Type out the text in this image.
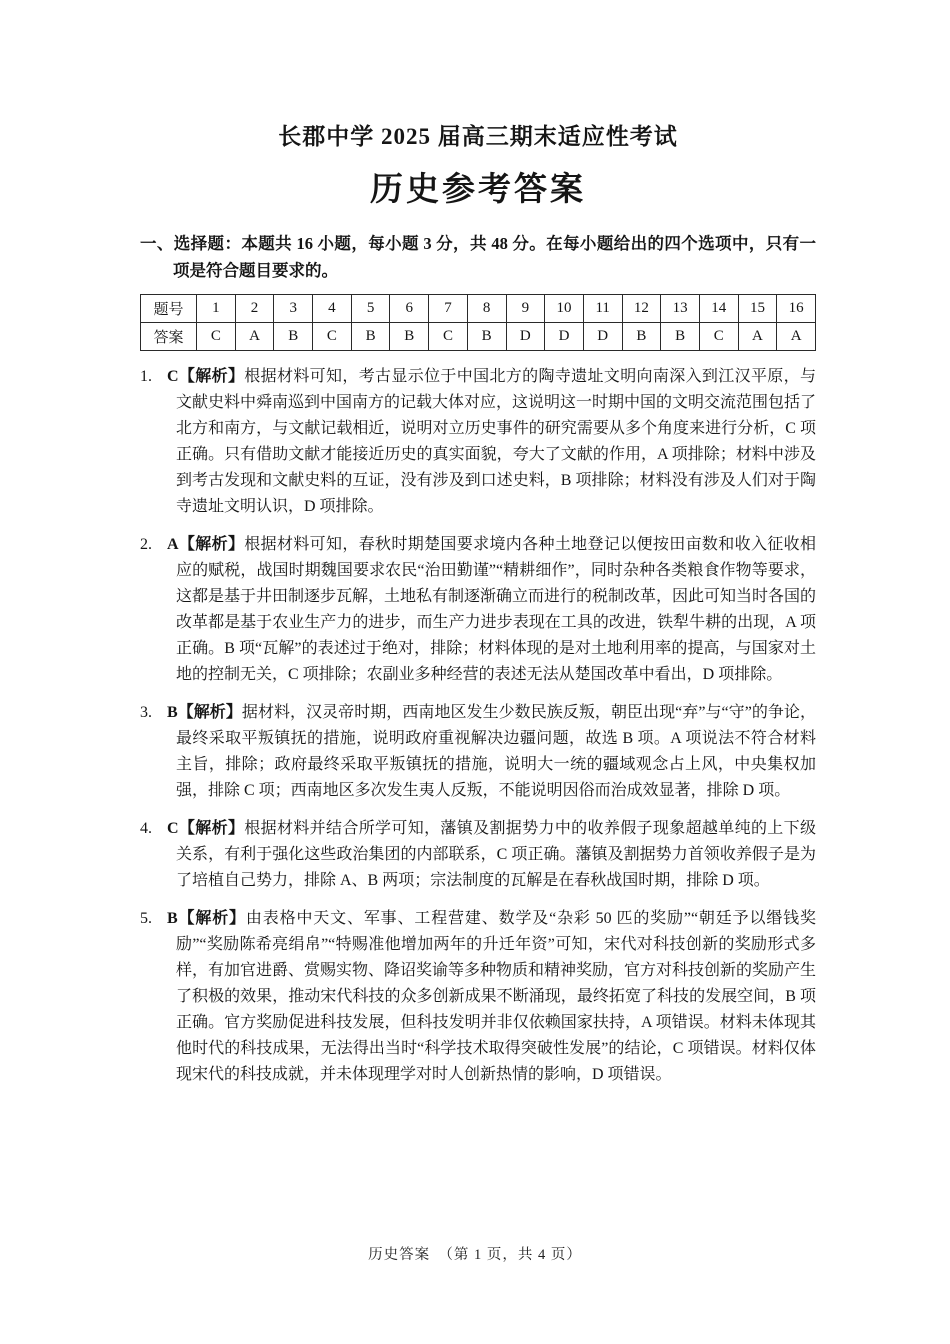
长郡中学 2025 届高三期末适应性考试
历史参考答案

一、选择题：本题共 16 小题，每小题 3 分，共 48 分。在每小题给出的四个选项中，只有一项是符合题目要求的。

题号	1	2	3	4	5	6	7	8	9	10	11	12	13	14	15	16
答案	C	A	B	C	B	B	C	B	D	D	D	B	B	C	A	A

1. C【解析】根据材料可知，考古显示位于中国北方的陶寺遗址文明向南深入到江汉平原，与文献史料中舜南巡到中国南方的记载大体对应，这说明这一时期中国的文明交流范围包括了北方和南方，与文献记载相近，说明对立历史事件的研究需要从多个角度来进行分析，C 项正确。只有借助文献才能接近历史的真实面貌，夸大了文献的作用，A 项排除；材料中涉及到考古发现和文献史料的互证，没有涉及到口述史料，B 项排除；材料没有涉及人们对于陶寺遗址文明认识，D 项排除。

2. A【解析】根据材料可知，春秋时期楚国要求境内各种土地登记以便按田亩数和收入征收相应的赋税，战国时期魏国要求农民“治田勤谨”“精耕细作”，同时杂种各类粮食作物等要求，这都是基于井田制逐步瓦解，土地私有制逐渐确立而进行的税制改革，因此可知当时各国的改革都是基于农业生产力的进步，而生产力进步表现在工具的改进，铁犁牛耕的出现，A 项正确。B 项“瓦解”的表述过于绝对，排除；材料体现的是对土地利用率的提高，与国家对土地的控制无关，C 项排除；农副业多种经营的表述无法从楚国改革中看出，D 项排除。

3. B【解析】据材料，汉灵帝时期，西南地区发生少数民族反叛，朝臣出现“弃”与“守”的争论，最终采取平叛镇抚的措施，说明政府重视解决边疆问题，故选 B 项。A 项说法不符合材料主旨，排除；政府最终采取平叛镇抚的措施，说明大一统的疆域观念占上风，中央集权加强，排除 C 项；西南地区多次发生夷人反叛，不能说明因俗而治成效显著，排除 D 项。

4. C【解析】根据材料并结合所学可知，藩镇及割据势力中的收养假子现象超越单纯的上下级关系，有利于强化这些政治集团的内部联系，C 项正确。藩镇及割据势力首领收养假子是为了培植自己势力，排除 A、B 两项；宗法制度的瓦解是在春秋战国时期，排除 D 项。

5. B【解析】由表格中天文、军事、工程营建、数学及“杂彩 50 匹的奖励”“朝廷予以缗钱奖励”“奖励陈希亮绢帛”“特赐准他增加两年的升迁年资”可知，宋代对科技创新的奖励形式多样，有加官进爵、赏赐实物、降诏奖谕等多种物质和精神奖励，官方对科技创新的奖励产生了积极的效果，推动宋代科技的众多创新成果不断涌现，最终拓宽了科技的发展空间，B 项正确。官方奖励促进科技发展，但科技发明并非仅依赖国家扶持，A 项错误。材料未体现其他时代的科技成果，无法得出当时“科学技术取得突破性发展”的结论，C 项错误。材料仅体现宋代的科技成就，并未体现理学对时人创新热情的影响，D 项错误。

历史答案　（第 1 页，共 4 页）
